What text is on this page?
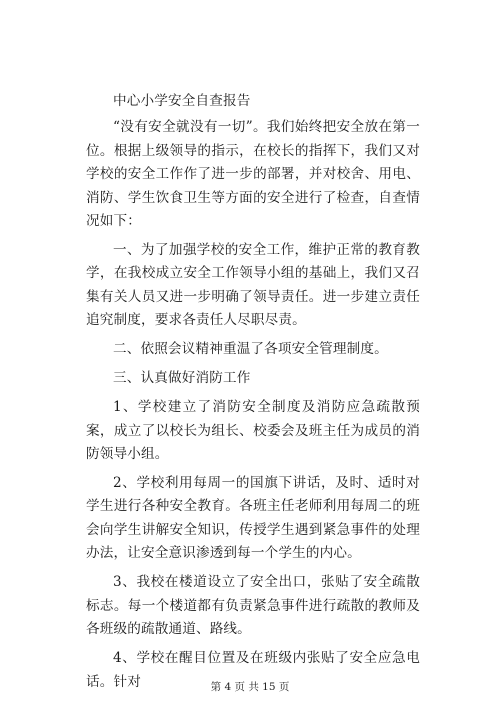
中心小学安全自查报告

“没有安全就没有一切”。我们始终把安全放在第一位。根据上级领导的指示，在校长的指挥下，我们又对学校的安全工作作了进一步的部署，并对校舍、用电、消防、学生饮食卫生等方面的安全进行了检查，自查情况如下：

一、为了加强学校的安全工作，维护正常的教育教学，在我校成立安全工作领导小组的基础上，我们又召集有关人员又进一步明确了领导责任。进一步建立责任追究制度，要求各责任人尽职尽责。

二、依照会议精神重温了各项安全管理制度。

三、认真做好消防工作

1、学校建立了消防安全制度及消防应急疏散预案，成立了以校长为组长、校委会及班主任为成员的消防领导小组。

2、学校利用每周一的国旗下讲话，及时、适时对学生进行各种安全教育。各班主任老师利用每周二的班会向学生讲解安全知识，传授学生遇到紧急事件的处理办法，让安全意识渗透到每一个学生的内心。

3、我校在楼道设立了安全出口，张贴了安全疏散标志。每一个楼道都有负责紧急事件进行疏散的教师及各班级的疏散通道、路线。

4、学校在醒目位置及在班级内张贴了安全应急电话。针对	第 4 页 共 15 页
